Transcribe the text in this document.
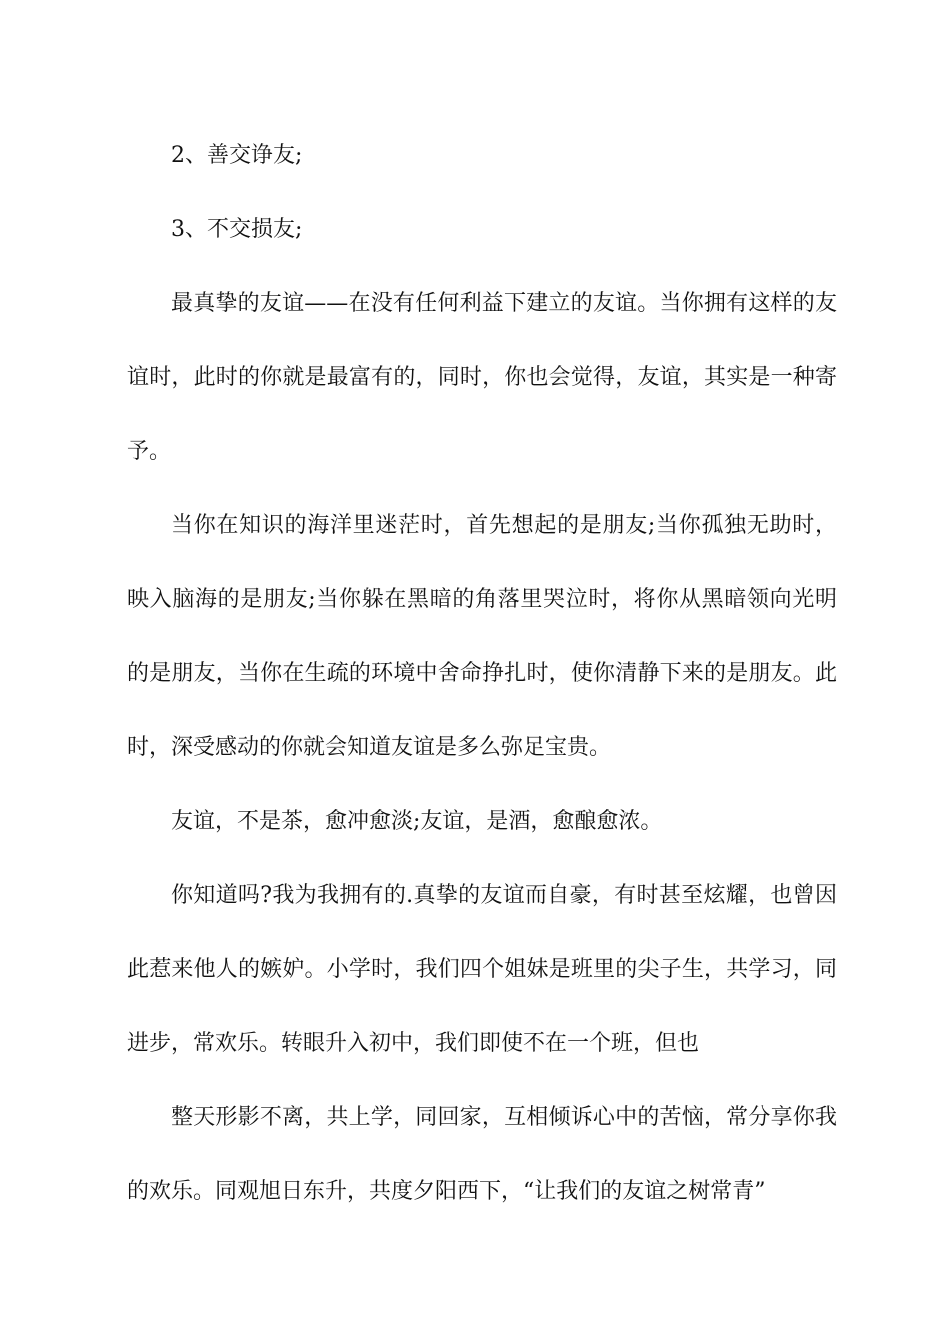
2、善交诤友;

3、不交损友;

最真挚的友谊——在没有任何利益下建立的友谊。当你拥有这样的友谊时，此时的你就是最富有的，同时，你也会觉得，友谊，其实是一种寄予。

当你在知识的海洋里迷茫时，首先想起的是朋友;当你孤独无助时，映入脑海的是朋友;当你躲在黑暗的角落里哭泣时，将你从黑暗领向光明的是朋友，当你在生疏的环境中舍命挣扎时，使你清静下来的是朋友。此时，深受感动的你就会知道友谊是多么弥足宝贵。

友谊，不是茶，愈冲愈淡;友谊，是酒，愈酿愈浓。

你知道吗?我为我拥有的.真挚的友谊而自豪，有时甚至炫耀，也曾因此惹来他人的嫉妒。小学时，我们四个姐妹是班里的尖子生，共学习，同进步，常欢乐。转眼升入初中，我们即使不在一个班，但也

整天形影不离，共上学，同回家，互相倾诉心中的苦恼，常分享你我的欢乐。同观旭日东升，共度夕阳西下，“让我们的友谊之树常青”
